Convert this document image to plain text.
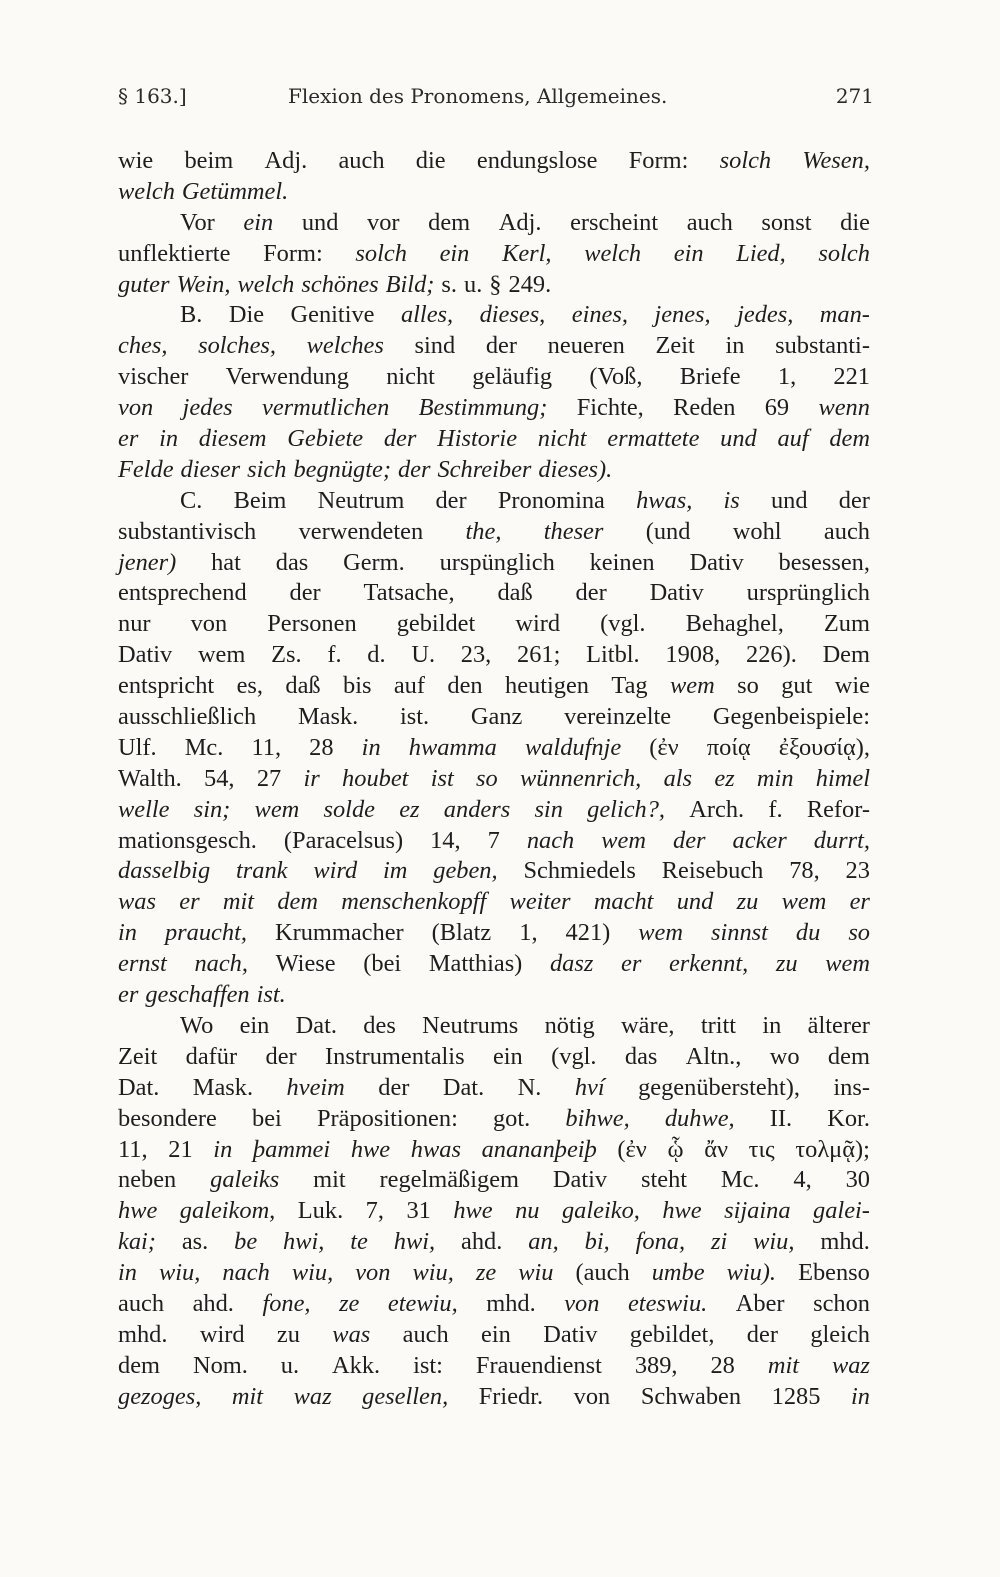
§ 163.]	Flexion des Pronomens, Allgemeines.	271
wie beim Adj. auch die endungslose Form: solch Wesen,
welch Getümmel.
Vor ein und vor dem Adj. erscheint auch sonst die
unflektierte Form: solch ein Kerl, welch ein Lied, solch
guter Wein, welch schönes Bild; s. u. § 249.
B. Die Genitive alles, dieses, eines, jenes, jedes, man-
ches, solches, welches sind der neueren Zeit in substanti-
vischer Verwendung nicht geläufig (Voß, Briefe 1, 221
von jedes vermutlichen Bestimmung; Fichte, Reden 69 wenn
er in diesem Gebiete der Historie nicht ermattete und auf dem
Felde dieser sich begnügte; der Schreiber dieses).
C. Beim Neutrum der Pronomina hwas, is und der
substantivisch verwendeten the, theser (und wohl auch
jener) hat das Germ. urspünglich keinen Dativ besessen,
entsprechend der Tatsache, daß der Dativ ursprünglich
nur von Personen gebildet wird (vgl. Behaghel, Zum
Dativ wem Zs. f. d. U. 23, 261; Litbl. 1908, 226). Dem
entspricht es, daß bis auf den heutigen Tag wem so gut wie
ausschließlich Mask. ist. Ganz vereinzelte Gegenbeispiele:
Ulf. Mc. 11, 28 in hwamma waldufnje (ἐν ποίᾳ ἐξουσίᾳ),
Walth. 54, 27 ir houbet ist so wünnenrich, als ez min himel
welle sin; wem solde ez anders sin gelich?, Arch. f. Refor-
mationsgesch. (Paracelsus) 14, 7 nach wem der acker durrt,
dasselbig trank wird im geben, Schmiedels Reisebuch 78, 23
was er mit dem menschenkopff weiter macht und zu wem er
in praucht, Krummacher (Blatz 1, 421) wem sinnst du so
ernst nach, Wiese (bei Matthias) dasz er erkennt, zu wem
er geschaffen ist.
Wo ein Dat. des Neutrums nötig wäre, tritt in älterer
Zeit dafür der Instrumentalis ein (vgl. das Altn., wo dem
Dat. Mask. hveim der Dat. N. hví gegenübersteht), ins-
besondere bei Präpositionen: got. bihwe, duhwe, II. Kor.
11, 21 in þammei hwe hwas anananþeiþ (ἐν ᾧ ἄν τις τολμᾷ);
neben galeiks mit regelmäßigem Dativ steht Mc. 4, 30
hwe galeikom, Luk. 7, 31 hwe nu galeiko, hwe sijaina galei-
kai; as. be hwi, te hwi, ahd. an, bi, fona, zi wiu, mhd.
in wiu, nach wiu, von wiu, ze wiu (auch umbe wiu). Ebenso
auch ahd. fone, ze etewiu, mhd. von eteswiu. Aber schon
mhd. wird zu was auch ein Dativ gebildet, der gleich
dem Nom. u. Akk. ist: Frauendienst 389, 28 mit waz
gezoges, mit waz gesellen, Friedr. von Schwaben 1285 in
